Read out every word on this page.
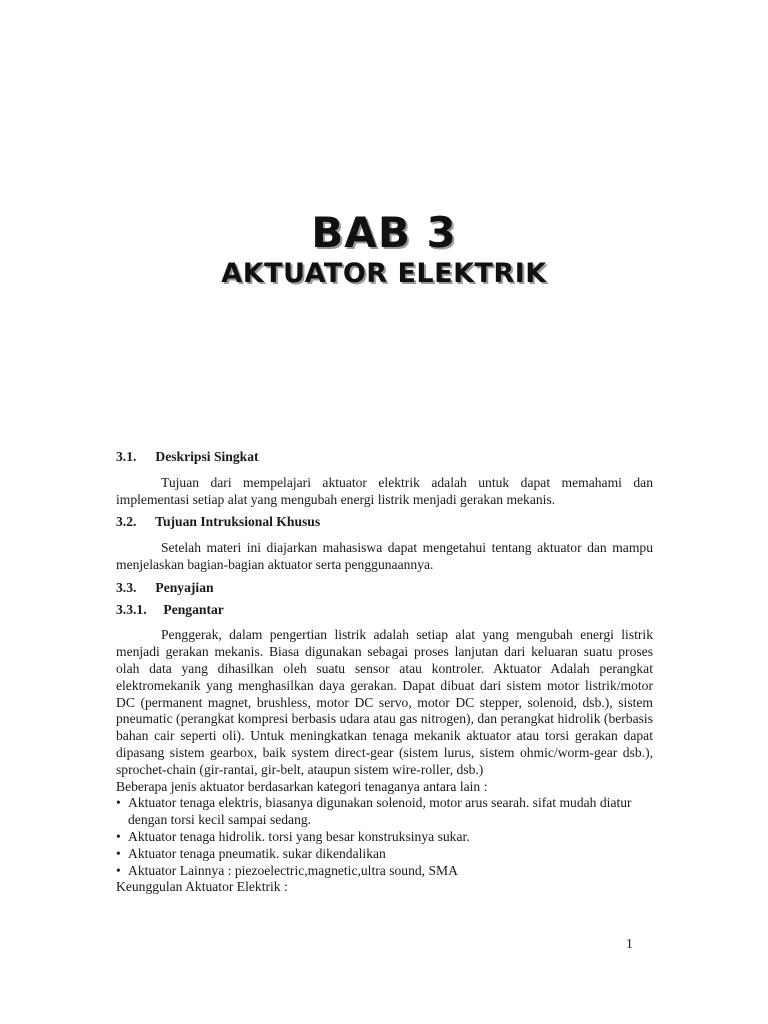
BAB 3
AKTUATOR ELEKTRIK

3.1. Deskripsi Singkat

Tujuan dari mempelajari aktuator elektrik adalah untuk dapat memahami dan implementasi setiap alat yang mengubah energi listrik menjadi gerakan mekanis.

3.2. Tujuan Intruksional Khusus

Setelah materi ini diajarkan mahasiswa dapat mengetahui tentang aktuator dan mampu menjelaskan bagian-bagian aktuator serta penggunaannya.

3.3. Penyajian

3.3.1. Pengantar

Penggerak, dalam pengertian listrik adalah setiap alat yang mengubah energi listrik menjadi gerakan mekanis. Biasa digunakan sebagai proses lanjutan dari keluaran suatu proses olah data yang dihasilkan oleh suatu sensor atau kontroler. Aktuator Adalah perangkat elektromekanik yang menghasilkan daya gerakan. Dapat dibuat dari sistem motor listrik/motor DC (permanent magnet, brushless, motor DC servo, motor DC stepper, solenoid, dsb.), sistem pneumatic (perangkat kompresi berbasis udara atau gas nitrogen), dan perangkat hidrolik (berbasis bahan cair seperti oli). Untuk meningkatkan tenaga mekanik aktuator atau torsi gerakan dapat dipasang sistem gearbox, baik system direct-gear (sistem lurus, sistem ohmic/worm-gear dsb.), sprochet-chain (gir-rantai, gir-belt, ataupun sistem wire-roller, dsb.)

Beberapa jenis aktuator berdasarkan kategori tenaganya antara lain :

• Aktuator tenaga elektris, biasanya digunakan solenoid, motor arus searah. sifat mudah diatur dengan torsi kecil sampai sedang.
• Aktuator tenaga hidrolik. torsi yang besar konstruksinya sukar.
• Aktuator tenaga pneumatik. sukar dikendalikan
• Aktuator Lainnya : piezoelectric,magnetic,ultra sound, SMA

Keunggulan Aktuator Elektrik :

1
